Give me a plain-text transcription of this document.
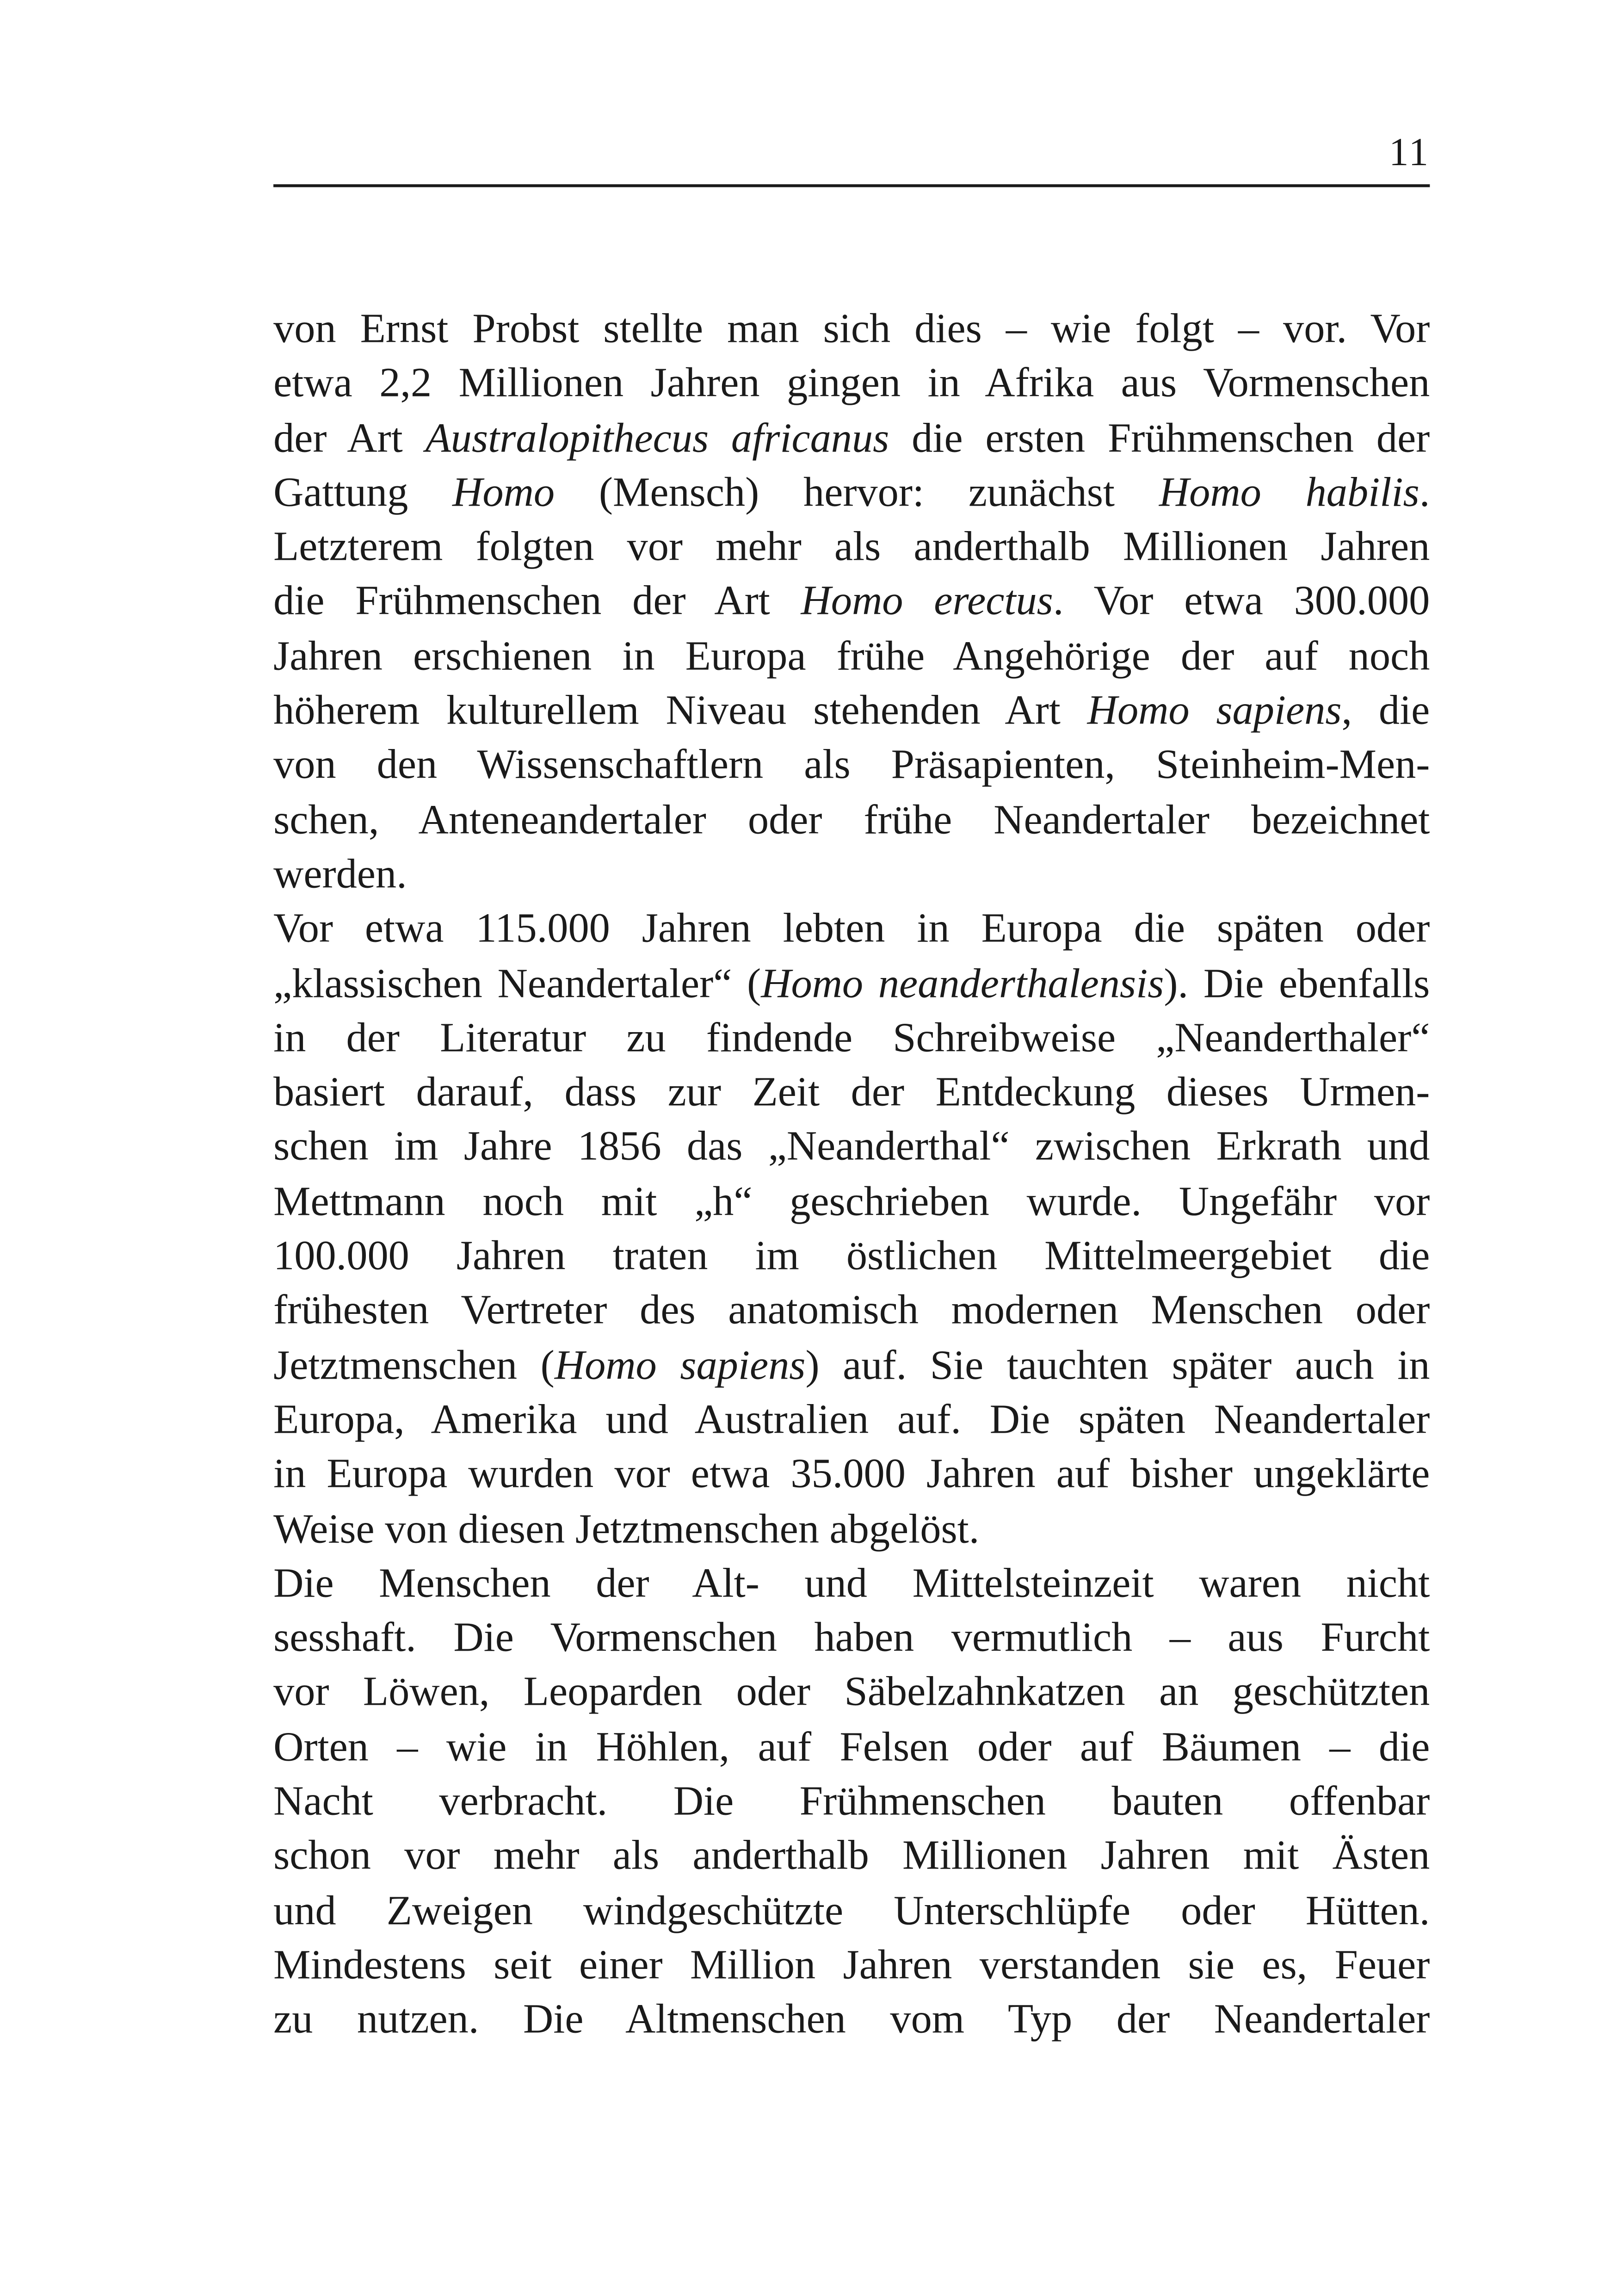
11
von Ernst Probst stellte man sich dies – wie folgt – vor. Vor
etwa 2,2 Millionen Jahren gingen in Afrika aus Vormenschen
der Art Australopithecus africanus die ersten Frühmenschen der
Gattung Homo (Mensch) hervor: zunächst Homo habilis.
Letzterem folgten vor mehr als anderthalb Millionen Jahren
die Frühmenschen der Art Homo erectus. Vor etwa 300.000
Jahren erschienen in Europa frühe Angehörige der auf noch
höherem kulturellem Niveau stehenden Art Homo sapiens, die
von den Wissenschaftlern als Präsapienten, Steinheim-Men-
schen, Anteneandertaler oder frühe Neandertaler bezeichnet
werden.
Vor etwa 115.000 Jahren lebten in Europa die späten oder
„klassischen Neandertaler“ (Homo neanderthalensis). Die ebenfalls
in der Literatur zu findende Schreibweise „Neanderthaler“
basiert darauf, dass zur Zeit der Entdeckung dieses Urmen-
schen im Jahre 1856 das „Neanderthal“ zwischen Erkrath und
Mettmann noch mit „h“ geschrieben wurde. Ungefähr vor
100.000 Jahren traten im östlichen Mittelmeergebiet die
frühesten Vertreter des anatomisch modernen Menschen oder
Jetztmenschen (Homo sapiens) auf. Sie tauchten später auch in
Europa, Amerika und Australien auf. Die späten Neandertaler
in Europa wurden vor etwa 35.000 Jahren auf bisher ungeklärte
Weise von diesen Jetztmenschen abgelöst.
Die Menschen der Alt- und Mittelsteinzeit waren nicht
sesshaft. Die Vormenschen haben vermutlich – aus Furcht
vor Löwen, Leoparden oder Säbelzahnkatzen an geschützten
Orten – wie in Höhlen, auf Felsen oder auf Bäumen – die
Nacht verbracht. Die Frühmenschen bauten offenbar
schon vor mehr als anderthalb Millionen Jahren mit Ästen
und Zweigen windgeschützte Unterschlüpfe oder Hütten.
Mindestens seit einer Million Jahren verstanden sie es, Feuer
zu nutzen. Die Altmenschen vom Typ der Neandertaler
